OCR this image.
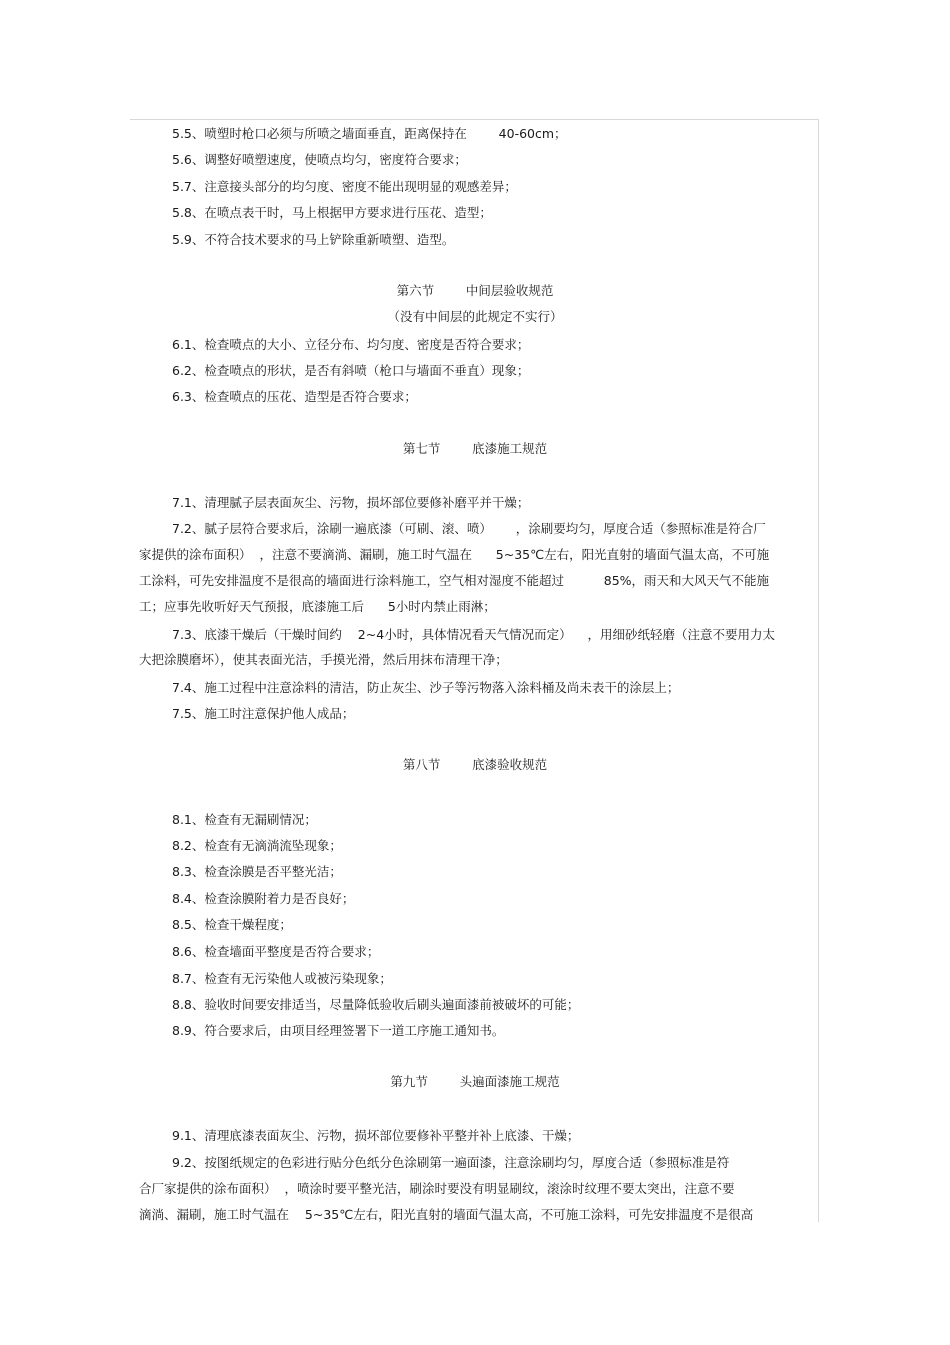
5.5、喷塑时枪口必须与所喷之墙面垂直，距离保持在        40-60cm；
5.6、调整好喷塑速度，使喷点均匀，密度符合要求；
5.7、注意接头部分的均匀度、密度不能出现明显的观感差异；
5.8、在喷点表干时，马上根据甲方要求进行压花、造型；
5.9、不符合技术要求的马上铲除重新喷塑、造型。
第六节        中间层验收规范
（没有中间层的此规定不实行）
6.1、检查喷点的大小、立径分布、均匀度、密度是否符合要求；
6.2、检查喷点的形状，是否有斜喷（枪口与墙面不垂直）现象；
6.3、检查喷点的压花、造型是否符合要求；
第七节        底漆施工规范
7.1、清理腻子层表面灰尘、污物，损坏部位要修补磨平并干燥；
7.2、腻子层符合要求后，涂刷一遍底漆（可刷、滚、喷）      ，涂刷要均匀，厚度合适（参照标准是符合厂
家提供的涂布面积）  ，注意不要滴淌、漏刷，施工时气温在      5~35℃左右，阳光直射的墙面气温太高，不可施
工涂料，可先安排温度不是很高的墙面进行涂料施工，空气相对湿度不能超过          85%，雨天和大风天气不能施
工；应事先收听好天气预报，底漆施工后      5小时内禁止雨淋；
7.3、底漆干燥后（干燥时间约    2~4小时，具体情况看天气情况而定）    ，用细砂纸轻磨（注意不要用力太
大把涂膜磨坏），使其表面光洁，手摸光滑，然后用抹布清理干净；
7.4、施工过程中注意涂料的清洁，防止灰尘、沙子等污物落入涂料桶及尚未表干的涂层上；
7.5、施工时注意保护他人成品；
第八节        底漆验收规范
8.1、检查有无漏刷情况；
8.2、检查有无滴淌流坠现象；
8.3、检查涂膜是否平整光洁；
8.4、检查涂膜附着力是否良好；
8.5、检查干燥程度；
8.6、检查墙面平整度是否符合要求；
8.7、检查有无污染他人或被污染现象；
8.8、验收时间要安排适当，尽量降低验收后刷头遍面漆前被破坏的可能；
8.9、符合要求后，由项目经理签署下一道工序施工通知书。
第九节        头遍面漆施工规范
9.1、清理底漆表面灰尘、污物，损坏部位要修补平整并补上底漆、干燥；
9.2、按图纸规定的色彩进行贴分色纸分色涂刷第一遍面漆，注意涂刷均匀，厚度合适（参照标准是符
合厂家提供的涂布面积）  ，喷涂时要平整光洁，刷涂时要没有明显刷纹，滚涂时纹理不要太突出，注意不要
滴淌、漏刷，施工时气温在    5~35℃左右，阳光直射的墙面气温太高，不可施工涂料，可先安排温度不是很高
